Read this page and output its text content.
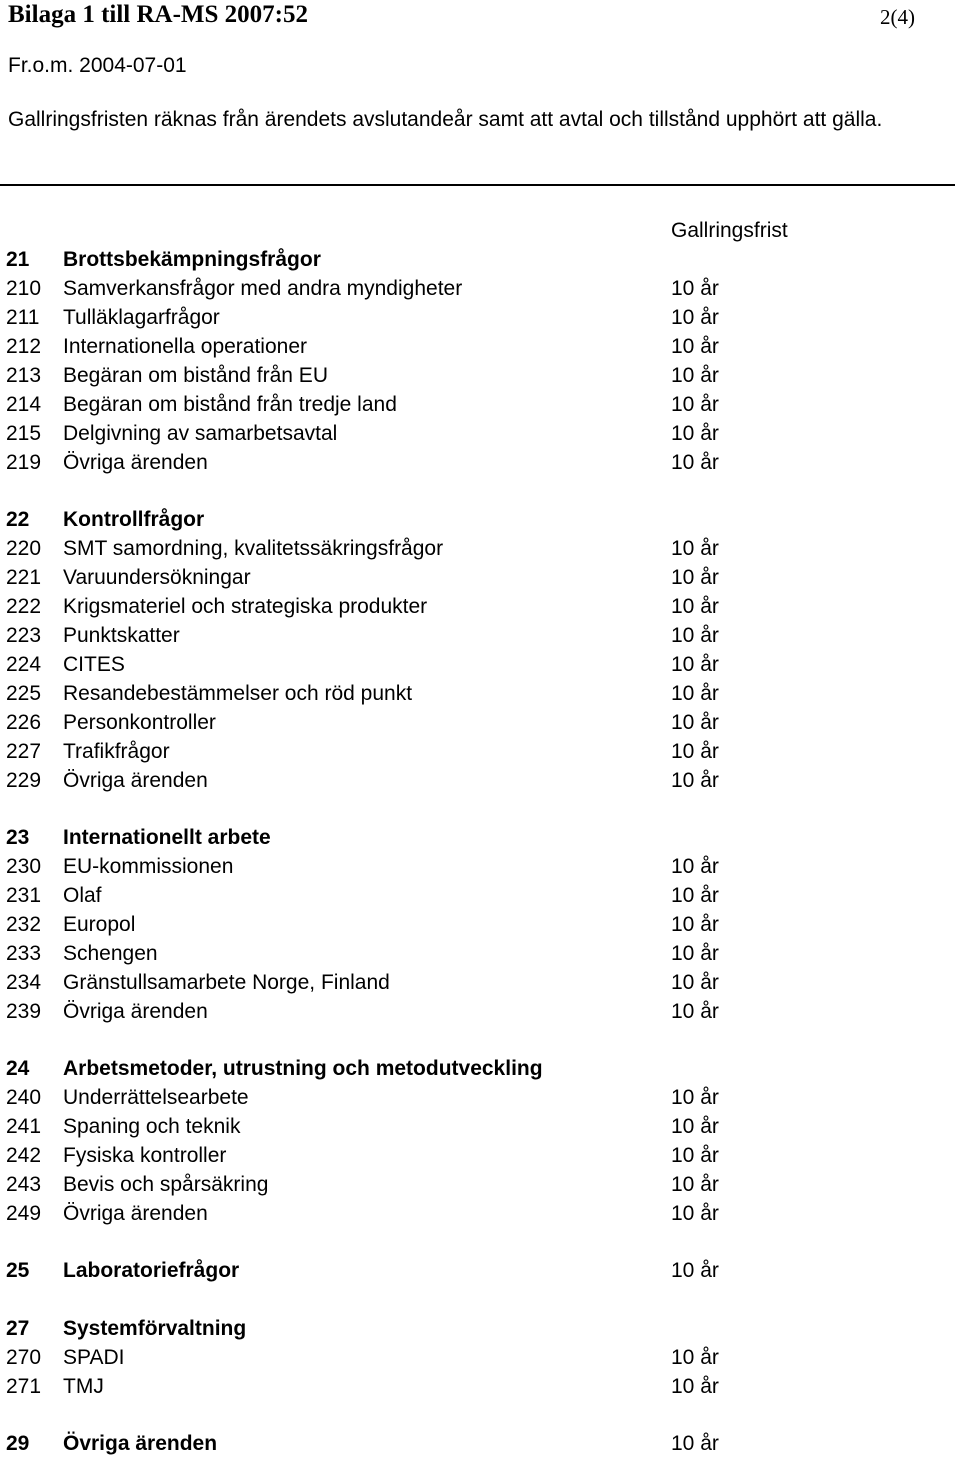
Bilaga 1 till RA-MS 2007:52	2(4)
Fr.o.m. 2004-07-01
Gallringsfristen räknas från ärendets avslutandeår samt att avtal och tillstånd upphört att gälla.
Gallringsfrist
21 Brottsbekämpningsfrågor
210 Samverkansfrågor med andra myndigheter	10 år
211 Tulläklagarfrågor	10 år
212 Internationella operationer	10 år
213 Begäran om bistånd från EU	10 år
214 Begäran om bistånd från tredje land	10 år
215 Delgivning av samarbetsavtal	10 år
219 Övriga ärenden	10 år
22 Kontrollfrågor
220 SMT samordning, kvalitetssäkringsfrågor	10 år
221 Varuundersökningar	10 år
222 Krigsmateriel och strategiska produkter	10 år
223 Punktskatter	10 år
224 CITES	10 år
225 Resandebestämmelser och röd punkt	10 år
226 Personkontroller	10 år
227 Trafikfrågor	10 år
229 Övriga ärenden	10 år
23 Internationellt arbete
230 EU-kommissionen	10 år
231 Olaf	10 år
232 Europol	10 år
233 Schengen	10 år
234 Gränstullsamarbete Norge, Finland	10 år
239 Övriga ärenden	10 år
24 Arbetsmetoder, utrustning och metodutveckling
240 Underrättelsearbete	10 år
241 Spaning och teknik	10 år
242 Fysiska kontroller	10 år
243 Bevis och spårsäkring	10 år
249 Övriga ärenden	10 år
25 Laboratoriefrågor	10 år
27 Systemförvaltning
270 SPADI	10 år
271 TMJ	10 år
29 Övriga ärenden	10 år
